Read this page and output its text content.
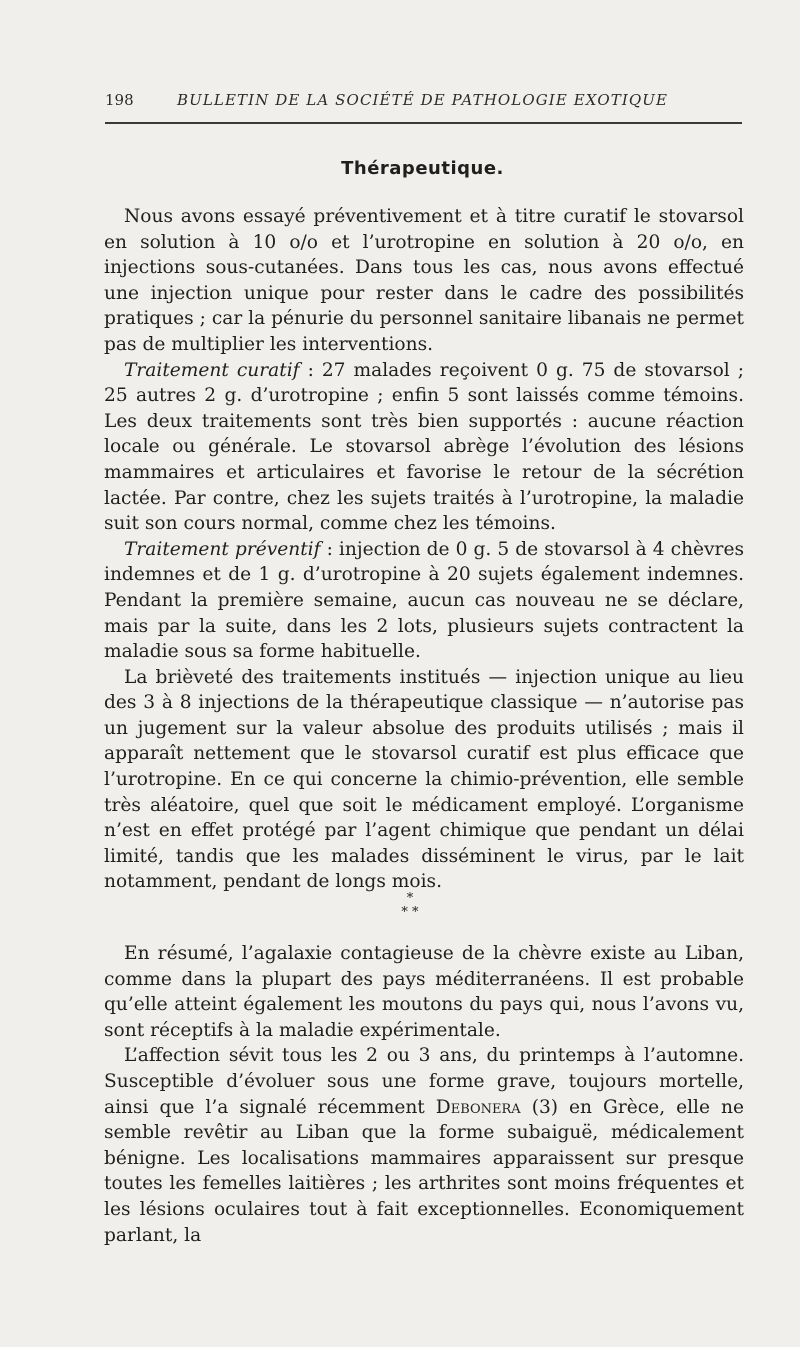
198	BULLETIN DE LA SOCIÉTÉ DE PATHOLOGIE EXOTIQUE
Thérapeutique.

Nous avons essayé préventivement et à titre curatif le stovarsol en solution à 10 o/o et l’urotropine en solution à 20 o/o, en injections sous-cutanées. Dans tous les cas, nous avons effectué une injection unique pour rester dans le cadre des possibilités pratiques ; car la pénurie du personnel sanitaire libanais ne permet pas de multiplier les interventions.

Traitement curatif : 27 malades reçoivent 0 g. 75 de stovarsol ; 25 autres 2 g. d’urotropine ; enfin 5 sont laissés comme témoins. Les deux traitements sont très bien supportés : aucune réaction locale ou générale. Le stovarsol abrège l’évolution des lésions mammaires et articulaires et favorise le retour de la sécrétion lactée. Par contre, chez les sujets traités à l’urotropine, la maladie suit son cours normal, comme chez les témoins.

Traitement préventif : injection de 0 g. 5 de stovarsol à 4 chèvres indemnes et de 1 g. d’urotropine à 20 sujets également indemnes. Pendant la première semaine, aucun cas nouveau ne se déclare, mais par la suite, dans les 2 lots, plusieurs sujets contractent la maladie sous sa forme habituelle.

La brièveté des traitements institués — injection unique au lieu des 3 à 8 injections de la thérapeutique classique — n’autorise pas un jugement sur la valeur absolue des produits utilisés ; mais il apparaît nettement que le stovarsol curatif est plus efficace que l’urotropine. En ce qui concerne la chimio-prévention, elle semble très aléatoire, quel que soit le médicament employé. L’organisme n’est en effet protégé par l’agent chimique que pendant un délai limité, tandis que les malades disséminent le virus, par le lait notamment, pendant de longs mois.

*
* *

En résumé, l’agalaxie contagieuse de la chèvre existe au Liban, comme dans la plupart des pays méditerranéens. Il est probable qu’elle atteint également les moutons du pays qui, nous l’avons vu, sont réceptifs à la maladie expérimentale.

L’affection sévit tous les 2 ou 3 ans, du printemps à l’automne. Susceptible d’évoluer sous une forme grave, toujours mortelle, ainsi que l’a signalé récemment Debonera (3) en Grèce, elle ne semble revêtir au Liban que la forme subaiguë, médicalement bénigne. Les localisations mammaires apparaissent sur presque toutes les femelles laitières ; les arthrites sont moins fréquentes et les lésions oculaires tout à fait exceptionnelles. Economiquement parlant, la
